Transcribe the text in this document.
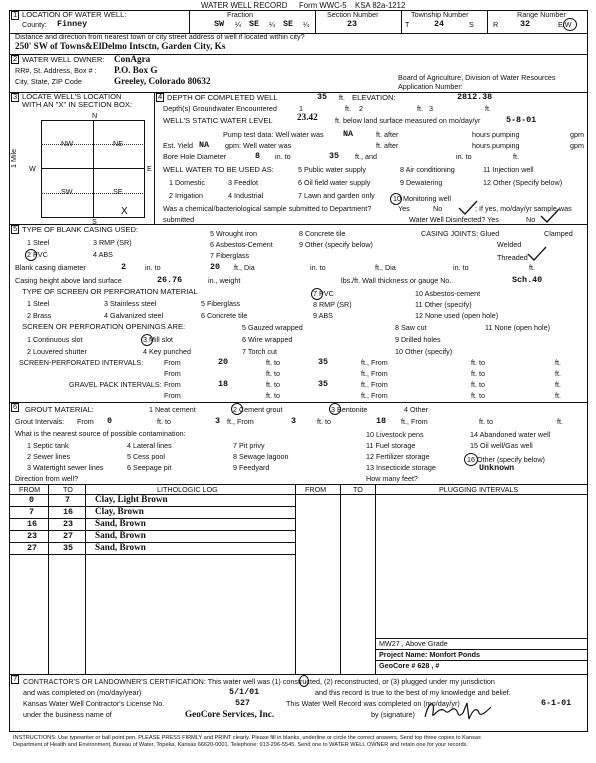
WATER WELL RECORD Form WWC-5 KSA 82a-1212
1 LOCATION OF WATER WELL:
County: Finney
Fraction
SW ¼ SE ¼ SE ¼
Section Number
23
Township Number
T	24	S
Range Number
R	32	E/W
Distance and direction from nearest town or city street address of well if located within city?
250' SW of Towns&ElDelmo Intsctn, Garden City, Ks
2 WATER WELL OWNER: ConAgra
RR#, St. Address, Box # : P.O. Box G
City, State, ZIP Code	Greeley, Colorado 80632	Board of Agriculture, Division of Water Resources
Application Number:
3 LOCATE WELL'S LOCATION
WITH AN "X" IN SECTION BOX:
N
S
W	E
1 Mile
NW	NE
SW	SE
X
4 DEPTH OF COMPLETED WELL	35 ft. ELEVATION:	2812.38
Depth(s) Groundwater Encountered	1	ft. 2	ft. 3	ft.
WELL'S STATIC WATER LEVEL	23.42 ft. below land surface measured on mo/day/yr	5-8-01
Pump test data: Well water was NA	ft. after	hours pumping	gpm
Est. Yield NA gpm: Well water was	ft. after	hours pumping	gpm
Bore Hole Diameter	8 in. to	35 ft., and	in. to	ft.
WELL WATER TO BE USED AS:	5 Public water supply	8 Air conditioning	11 Injection well
1 Domestic	3 Feedlot	6 Oil field water supply	9 Dewatering	12 Other (Specify below)
2 Irrigation	4 Industrial	7 Lawn and garden only	10 Monitoring well
Was a chemical/bacteriological sample submitted to Department?	Yes	No	; If yes, mo/day/yr sample was
submitted	Water Well Disinfected? Yes	No
5 TYPE OF BLANK CASING USED:
1 Steel	3 RMP (SR)
5 Wrought iron	8 Concrete tile
2 PVC	4 ABS
6 Asbestos-Cement	9 Other (specify below)
7 Fiberglass
CASING JOINTS: Glued	Clamped
Welded
Threaded
Blank casing diameter	2	in. to	20 ft., Dia	in. to	ft., Dia	in. to	ft.
Casing height above land surface	26.76	in., weight	lbs./ft. Wall thickness or gauge No.	Sch.40
TYPE OF SCREEN OR PERFORATION MATERIAL
1 Steel	3 Stainless steel	5 Fiberglass
7 PVC	10 Asbestos-cement
2 Brass	4 Galvanized steel	6 Concrete tile
8 RMP (SR)	11 Other (specify)
9 ABS	12 None used (open hole)
SCREEN OR PERFORATION OPENINGS ARE:	5 Gauzed wrapped	8 Saw cut	11 None (open hole)
1 Continuous slot	3 Mill slot	6 Wire wrapped	9 Drilled holes
2 Louvered shutter	4 Key punched	7 Torch cut	10 Other (specify)
SCREEN-PERFORATED INTERVALS:	From	20	ft. to	35	ft., From	ft. to	ft.
From	ft. to	ft., From	ft. to	ft.
GRAVEL PACK INTERVALS: From	18	ft. to	35	ft., From	ft. to	ft.
From	ft. to	ft., From	ft. to	ft.
6 GROUT MATERIAL:	1 Neat cement	2 Cement grout	3 Bentonite	4 Other
Grout Intervals: From 0	ft. to	3 ft., From	3	ft. to	18 ft., From	ft. to	ft.
What is the nearest source of possible contamination:	10 Livestock pens	14 Abandoned water well
1 Septic tank	4 Lateral lines	7 Pit privy	11 Fuel storage	15 Oil well/Gas well
2 Sewer lines	5 Cess pool	8 Sewage lagoon	12 Fertilizer storage	16 Other (specify below)
3 Watertight sewer lines	6 Seepage pit	9 Feedyard	13 Insecticide storage	Unknown
Direction from well?	How many feet?
FROM	TO	LITHOLOGIC LOG	FROM	TO	PLUGGING INTERVALS
0	7	Clay, Light Brown
7	16 Clay, Brown
16	23 Sand, Brown
23	27 Sand, Brown
27	35 Sand, Brown
MW27 , Above Grade
Project Name: Monfort Ponds
GeoCore # 628 , #
7 CONTRACTOR'S OR LANDOWNER'S CERTIFICATION: This water well was (1) constructed, (2) reconstructed, or (3) plugged under my jurisdiction
and was completed on (mo/day/year)	5/1/01	and this record is true to the best of my knowledge and belief.
Kansas Water Well Contractor's License No.	527	This Water Well Record was completed on (mo/day/yr)	6-1-01
under the business name of	GeoCore Services, Inc.	by (signature)
INSTRUCTIONS: Use typewriter or ball point pen. PLEASE PRESS FIRMLY and PRINT clearly. Please fill in blanks, underline or circle the correct answers. Send top three copies to Kansas
Department of Health and Environment, Bureau of Water, Topeka, Kansas 66620-0001. Telephone: 913-296-5545. Send one to WATER WELL OWNER and retain one for your records.
